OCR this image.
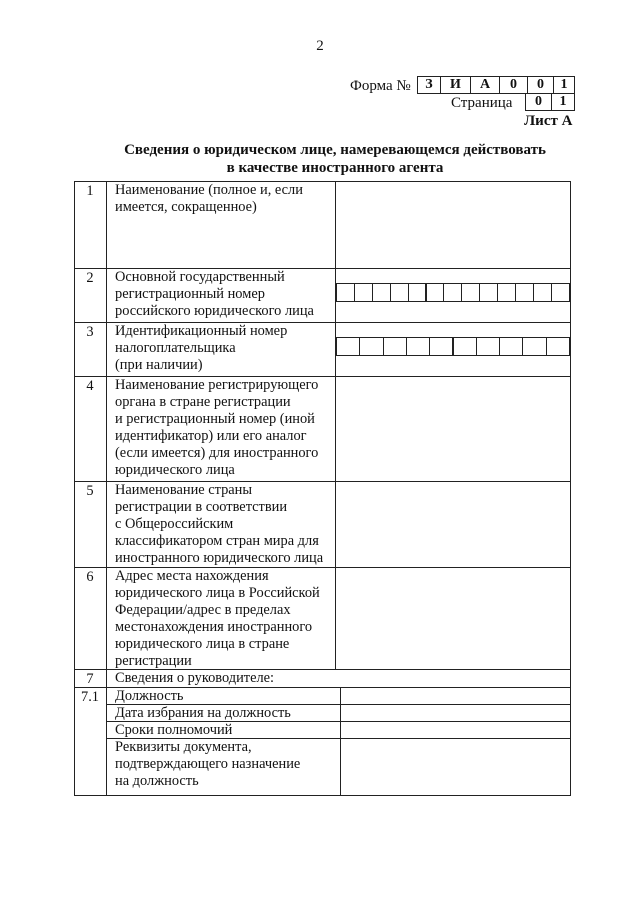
2
Форма №	З	И	А	0	0	1
Страница	0	1
Лист А
Сведения о юридическом лице, намеревающемся действовать
в качестве иностранного агента
1	Наименование (полное и, если
имеется, сокращенное)
2	Основной государственный
регистрационный номер
российского юридического лица
3	Идентификационный номер
налогоплательщика
(при наличии)
4	Наименование регистрирующего
органа в стране регистрации
и регистрационный номер (иной
идентификатор) или его аналог
(если имеется) для иностранного
юридического лица
5	Наименование страны
регистрации в соответствии
с Общероссийским
классификатором стран мира для
иностранного юридического лица
6	Адрес места нахождения
юридического лица в Российской
Федерации/адрес в пределах
местонахождения иностранного
юридического лица в стране
регистрации
7	Сведения о руководителе:
7.1	Должность
Дата избрания на должность
Сроки полномочий
Реквизиты документа,
подтверждающего назначение
на должность
